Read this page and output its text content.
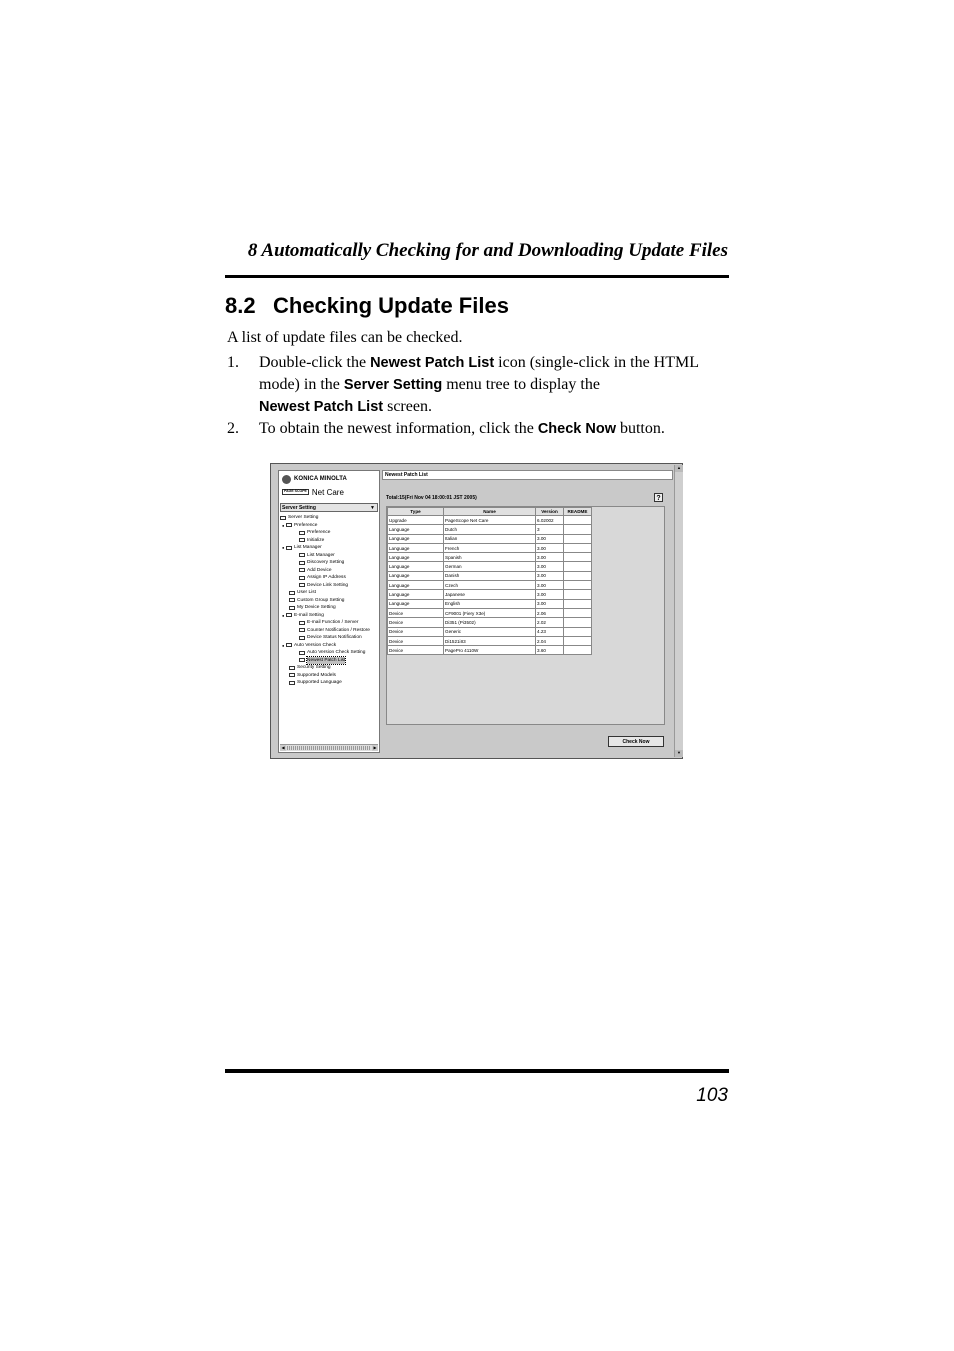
8 Automatically Checking for and Downloading Update Files
8.2 Checking Update Files
A list of update files can be checked.
1. Double-click the Newest Patch List icon (single-click in the HTML mode) in the Server Setting menu tree to display the
Newest Patch List screen.
2. To obtain the newest information, click the Check Now button.
KONICA MINOLTA
PAGE SCOPE Net Care
Server Setting	▼
Server Setting
●	Preference
Preference
Initialize
●	List Manager
List Manager
Discovery Setting
Add Device
Assign IP Address
Device Link Setting
User List
Custom Group Setting
My Device Setting
●	E-mail Setting
E-mail Function / Server
Counter Notification / Restore
Device Status Notification
●	Auto Version Check
Auto Version Check Setting
Newest Patch List
Security Setting
Supported Models
Supported Language
◀	▶
Newest Patch List
Total:15(Fri Nov 04 18:00:01 JST 2005)	?
Type	Name	Version	README
Upgrade	PageScope Net Care	6.02002	
Language	Dutch	3	
Language	Italian	3.00	
Language	French	3.00	
Language	Spanish	3.00	
Language	German	3.00	
Language	Danish	3.00	
Language	Czech	3.00	
Language	Japanese	3.00	
Language	English	3.00	
Device	CF9001 (Fiery X3e)	2.06	
Device	Di351 (Pi3502)	2.02	
Device	Generic	4.23	
Device	Di1521iII3	2.04	
Device	PagePro 4110W	3.60	
Check Now
▲
▼
103
